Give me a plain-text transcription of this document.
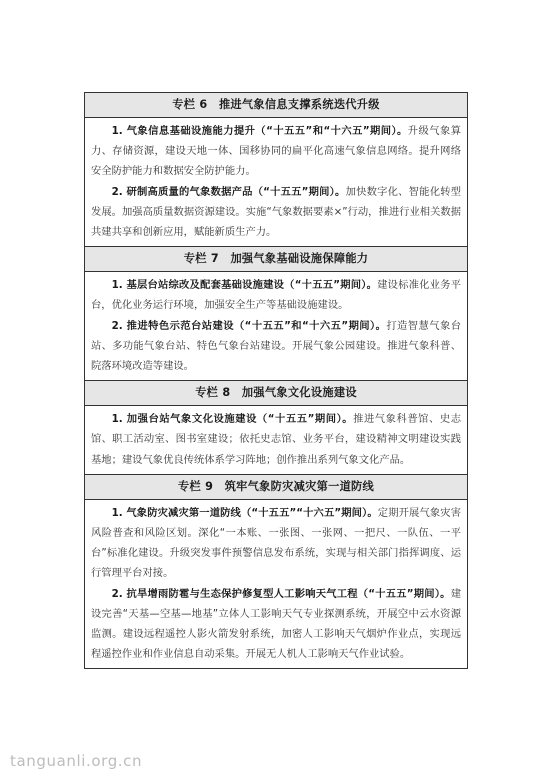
专栏 6　推进气象信息支撑系统迭代升级

1. 气象信息基础设施能力提升（“十五五”和“十六五”期间）。升级气象算力、存储资源，建设天地一体、国移协同的扁平化高速气象信息网络。提升网络安全防护能力和数据安全防护能力。

2. 研制高质量的气象数据产品（“十五五”期间）。加快数字化、智能化转型发展。加强高质量数据资源建设。实施“气象数据要素×”行动，推进行业相关数据共建共享和创新应用，赋能新质生产力。

专栏 7　加强气象基础设施保障能力

1. 基层台站综改及配套基础设施建设（“十五五”期间）。建设标准化业务平台，优化业务运行环境，加强安全生产等基础设施建设。

2. 推进特色示范台站建设（“十五五”和“十六五”期间）。打造智慧气象台站、多功能气象台站、特色气象台站建设。开展气象公园建设。推进气象科普、院落环境改造等建设。

专栏 8　加强气象文化设施建设

1. 加强台站气象文化设施建设（“十五五”期间）。推进气象科普馆、史志馆、职工活动室、图书室建设；依托史志馆、业务平台，建设精神文明建设实践基地；建设气象优良传统体系学习阵地；创作推出系列气象文化产品。

专栏 9　筑牢气象防灾减灾第一道防线

1. 气象防灾减灾第一道防线（“十五五”“十六五”期间）。定期开展气象灾害风险普查和风险区划。深化“一本账、一张图、一张网、一把尺、一队伍、一平台”标准化建设。升级突发事件预警信息发布系统，实现与相关部门指挥调度、运行管理平台对接。

2. 抗旱增雨防雹与生态保护修复型人工影响天气工程（“十五五”期间）。建设完善“天基—空基—地基”立体人工影响天气专业探测系统，开展空中云水资源监测。建设远程遥控人影火箭发射系统，加密人工影响天气烟炉作业点，实现远程遥控作业和作业信息自动采集。开展无人机人工影响天气作业试验。

tanguanli.org.cn
